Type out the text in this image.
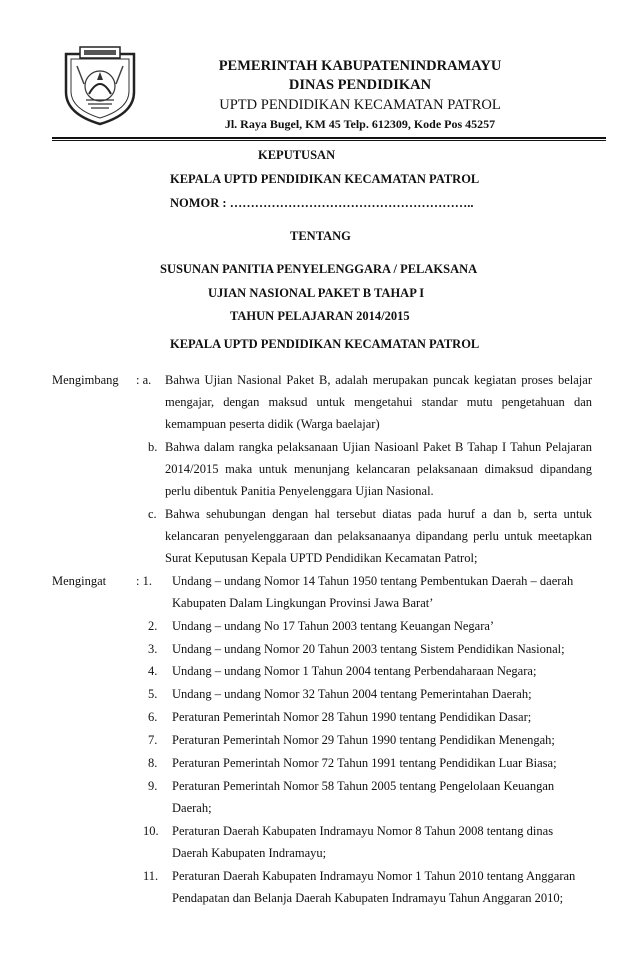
PEMERINTAH KABUPATENINDRAMAYU
DINAS PENDIDIKAN
UPTD PENDIDIKAN KECAMATAN PATROL
Jl. Raya Bugel, KM 45 Telp. 612309, Kode Pos 45257
KEPUTUSAN
KEPALA UPTD PENDIDIKAN KECAMATAN PATROL
NOMOR : …………………………………………………..
TENTANG
SUSUNAN PANITIA PENYELENGGARA / PELAKSANA
UJIAN NASIONAL PAKET B TAHAP I
TAHUN PELAJARAN 2014/2015
KEPALA UPTD PENDIDIKAN KECAMATAN PATROL
Mengimbang : a. Bahwa Ujian Nasional Paket B, adalah merupakan puncak kegiatan proses belajar
mengajar, dengan maksud untuk mengetahui standar mutu pengetahuan dan
kemampuan peserta didik (Warga baelajar)
b. Bahwa dalam rangka pelaksanaan Ujian Nasioanl Paket B Tahap I Tahun Pelajaran
2014/2015 maka untuk menunjang kelancaran pelaksanaan dimaksud dipandang
perlu dibentuk Panitia Penyelenggara Ujian Nasional.
c. Bahwa sehubungan dengan hal tersebut diatas pada huruf a dan b, serta untuk
kelancaran penyelenggaraan dan pelaksanaanya dipandang perlu untuk meetapkan
Surat Keputusan Kepala UPTD Pendidikan Kecamatan Patrol;
Mengingat : 1. Undang – undang Nomor 14 Tahun 1950 tentang Pembentukan Daerah – daerah
Kabupaten Dalam Lingkungan Provinsi Jawa Barat’
2. Undang – undang No 17 Tahun 2003 tentang Keuangan Negara’
3. Undang – undang Nomor 20 Tahun 2003 tentang Sistem Pendidikan Nasional;
4. Undang – undang Nomor 1 Tahun 2004 tentang Perbendaharaan Negara;
5. Undang – undang Nomor 32 Tahun 2004 tentang Pemerintahan Daerah;
6. Peraturan Pemerintah Nomor 28 Tahun 1990 tentang Pendidikan Dasar;
7. Peraturan Pemerintah Nomor 29 Tahun 1990 tentang Pendidikan Menengah;
8. Peraturan Pemerintah Nomor 72 Tahun 1991 tentang Pendidikan Luar Biasa;
9. Peraturan Pemerintah Nomor 58 Tahun 2005 tentang Pengelolaan Keuangan
Daerah;
10. Peraturan Daerah Kabupaten Indramayu Nomor 8 Tahun 2008 tentang dinas
Daerah Kabupaten Indramayu;
11. Peraturan Daerah Kabupaten Indramayu Nomor 1 Tahun 2010 tentang Anggaran
Pendapatan dan Belanja Daerah Kabupaten Indramayu Tahun Anggaran 2010;
